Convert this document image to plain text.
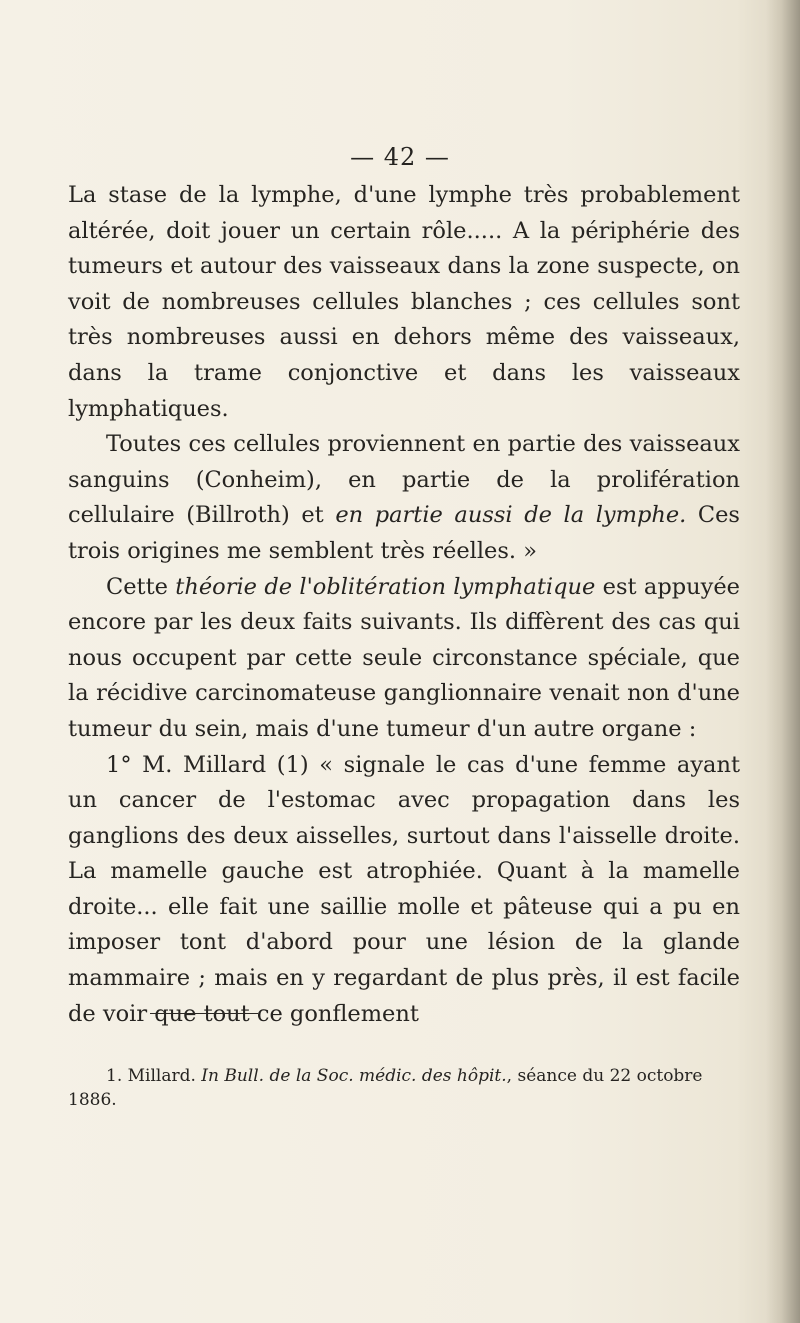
— 42 —

La stase de la lymphe, d'une lymphe très probablement altérée, doit jouer un certain rôle..... A la périphérie des tumeurs et autour des vaisseaux dans la zone suspecte, on voit de nombreuses cellules blanches ; ces cellules sont très nombreuses aussi en dehors même des vaisseaux, dans la trame conjonctive et dans les vaisseaux lymphatiques.

Toutes ces cellules proviennent en partie des vaisseaux sanguins (Conheim), en partie de la prolifération cellulaire (Billroth) et en partie aussi de la lymphe. Ces trois origines me semblent très réelles. »

Cette théorie de l'oblitération lymphatique est appuyée encore par les deux faits suivants. Ils diffèrent des cas qui nous occupent par cette seule circonstance spéciale, que la récidive carcinomateuse ganglionnaire venait non d'une tumeur du sein, mais d'une tumeur d'un autre organe :

1° M. Millard (1) « signale le cas d'une femme ayant un cancer de l'estomac avec propagation dans les ganglions des deux aisselles, surtout dans l'aisselle droite. La mamelle gauche est atrophiée. Quant à la mamelle droite... elle fait une saillie molle et pâteuse qui a pu en imposer tont d'abord pour une lésion de la glande mammaire ; mais en y regardant de plus près, il est facile de voir que tout ce gonflement

1. Millard. In Bull. de la Soc. médic. des hôpit., séance du 22 octobre 1886.
